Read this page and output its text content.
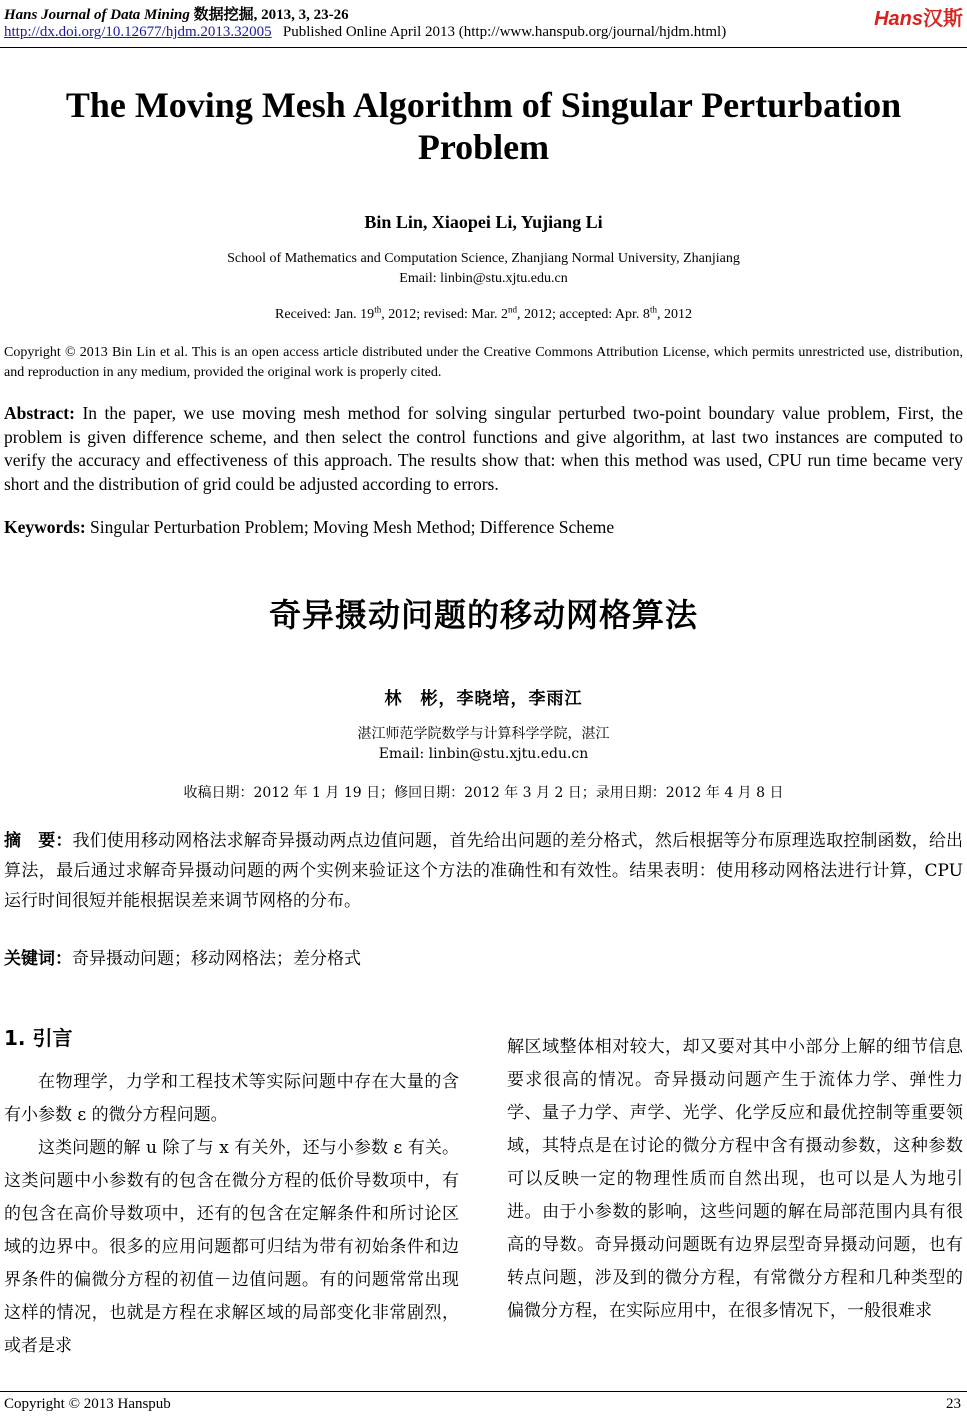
Hans Journal of Data Mining 数据挖掘, 2013, 3, 23-26
http://dx.doi.org/10.12677/hjdm.2013.32005 Published Online April 2013 (http://www.hanspub.org/journal/hjdm.html)
Hans汉斯
The Moving Mesh Algorithm of Singular Perturbation
Problem
Bin Lin, Xiaopei Li, Yujiang Li
School of Mathematics and Computation Science, Zhanjiang Normal University, Zhanjiang
Email: linbin@stu.xjtu.edu.cn
Received: Jan. 19th, 2012; revised: Mar. 2nd, 2012; accepted: Apr. 8th, 2012
Copyright © 2013 Bin Lin et al. This is an open access article distributed under the Creative Commons Attribution License, which permits unrestricted use, distribution, and reproduction in any medium, provided the original work is properly cited.
Abstract: In the paper, we use moving mesh method for solving singular perturbed two-point boundary value problem, First, the problem is given difference scheme, and then select the control functions and give algorithm, at last two instances are computed to verify the accuracy and effectiveness of this approach. The results show that: when this method was used, CPU run time became very short and the distribution of grid could be adjusted according to errors.
Keywords: Singular Perturbation Problem; Moving Mesh Method; Difference Scheme
奇异摄动问题的移动网格算法
林　彬，李晓培，李雨江
湛江师范学院数学与计算科学学院，湛江
Email: linbin@stu.xjtu.edu.cn
收稿日期：2012 年 1 月 19 日；修回日期：2012 年 3 月 2 日；录用日期：2012 年 4 月 8 日
摘　要：我们使用移动网格法求解奇异摄动两点边值问题，首先给出问题的差分格式，然后根据等分布原理选取控制函数，给出算法，最后通过求解奇异摄动问题的两个实例来验证这个方法的准确性和有效性。结果表明：使用移动网格法进行计算，CPU 运行时间很短并能根据误差来调节网格的分布。
关键词：奇异摄动问题；移动网格法；差分格式
1. 引言

在物理学，力学和工程技术等实际问题中存在大量的含有小参数 ε 的微分方程问题。

这类问题的解 u 除了与 x 有关外，还与小参数 ε 有关。这类问题中小参数有的包含在微分方程的低价导数项中，有的包含在高价导数项中，还有的包含在定解条件和所讨论区域的边界中。很多的应用问题都可归结为带有初始条件和边界条件的偏微分方程的初值－边值问题。有的问题常常出现这样的情况，也就是方程在求解区域的局部变化非常剧烈，或者是求

解区域整体相对较大，却又要对其中小部分上解的细节信息要求很高的情况。奇异摄动问题产生于流体力学、弹性力学、量子力学、声学、光学、化学反应和最优控制等重要领域，其特点是在讨论的微分方程中含有摄动参数，这种参数可以反映一定的物理性质而自然出现，也可以是人为地引进。由于小参数的影响，这些问题的解在局部范围内具有很高的导数。奇异摄动问题既有边界层型奇异摄动问题，也有转点问题，涉及到的微分方程，有常微分方程和几种类型的偏微分方程，在实际应用中，在很多情况下，一般很难求

Copyright © 2013 Hanspub	23
